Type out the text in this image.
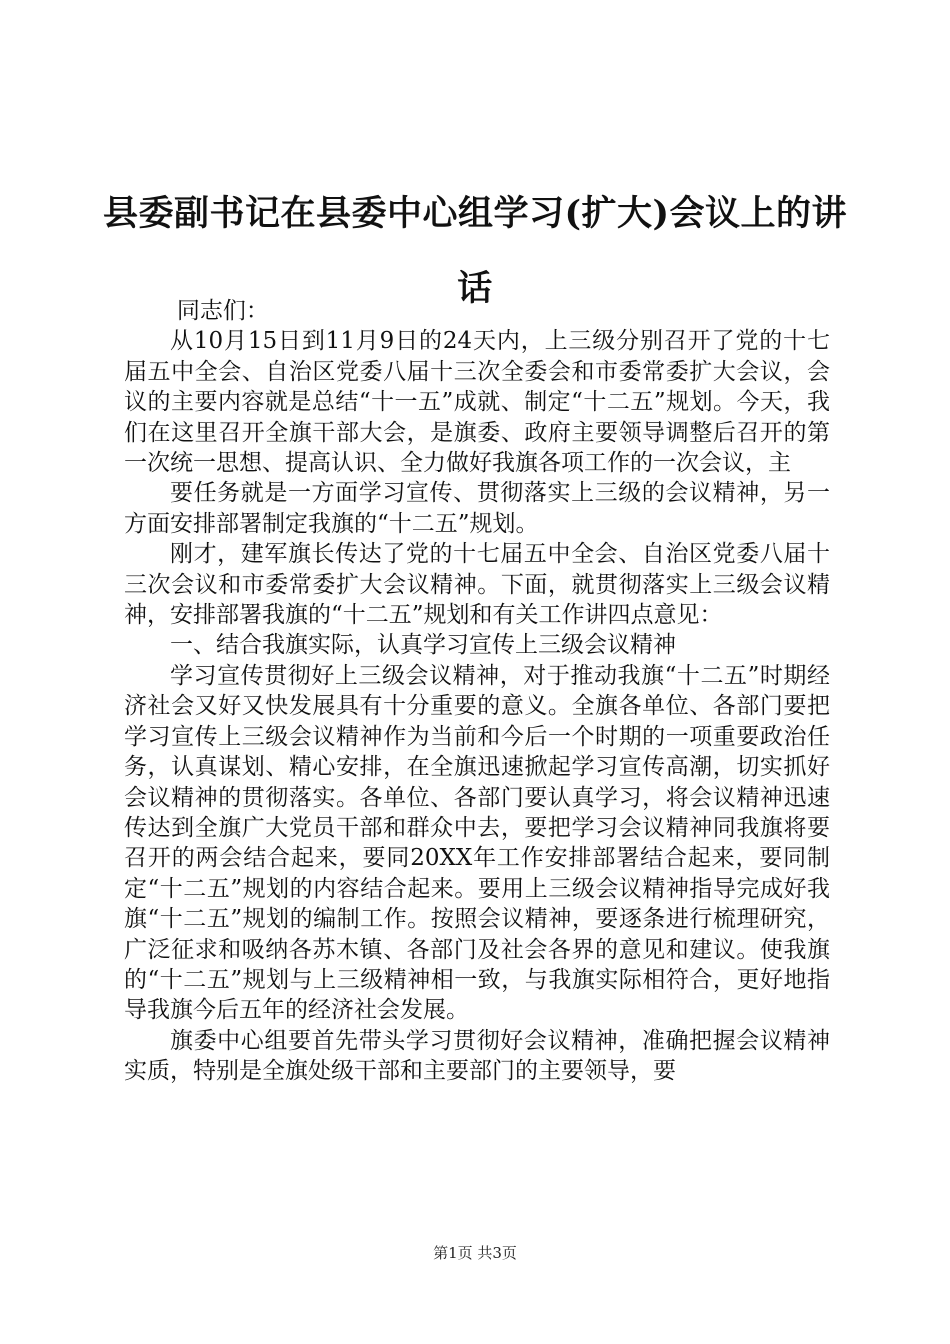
县委副书记在县委中心组学习(扩大)会议上的讲话

同志们：

从10月15日到11月9日的24天内，上三级分别召开了党的十七届五中全会、自治区党委八届十三次全委会和市委常委扩大会议，会议的主要内容就是总结“十一五”成就、制定“十二五”规划。今天，我们在这里召开全旗干部大会，是旗委、政府主要领导调整后召开的第一次统一思想、提高认识、全力做好我旗各项工作的一次会议，主

要任务就是一方面学习宣传、贯彻落实上三级的会议精神，另一方面安排部署制定我旗的“十二五”规划。

刚才，建军旗长传达了党的十七届五中全会、自治区党委八届十三次会议和市委常委扩大会议精神。下面，就贯彻落实上三级会议精神，安排部署我旗的“十二五”规划和有关工作讲四点意见：

一、结合我旗实际，认真学习宣传上三级会议精神

学习宣传贯彻好上三级会议精神，对于推动我旗“十二五”时期经济社会又好又快发展具有十分重要的意义。全旗各单位、各部门要把学习宣传上三级会议精神作为当前和今后一个时期的一项重要政治任务，认真谋划、精心安排，在全旗迅速掀起学习宣传高潮，切实抓好会议精神的贯彻落实。各单位、各部门要认真学习，将会议精神迅速传达到全旗广大党员干部和群众中去，要把学习会议精神同我旗将要召开的两会结合起来，要同20XX年工作安排部署结合起来，要同制定“十二五”规划的内容结合起来。要用上三级会议精神指导完成好我旗“十二五”规划的编制工作。按照会议精神，要逐条进行梳理研究，广泛征求和吸纳各苏木镇、各部门及社会各界的意见和建议。使我旗的“十二五”规划与上三级精神相一致，与我旗实际相符合，更好地指导我旗今后五年的经济社会发展。

旗委中心组要首先带头学习贯彻好会议精神，准确把握会议精神实质，特别是全旗处级干部和主要部门的主要领导，要

第1页 共3页
